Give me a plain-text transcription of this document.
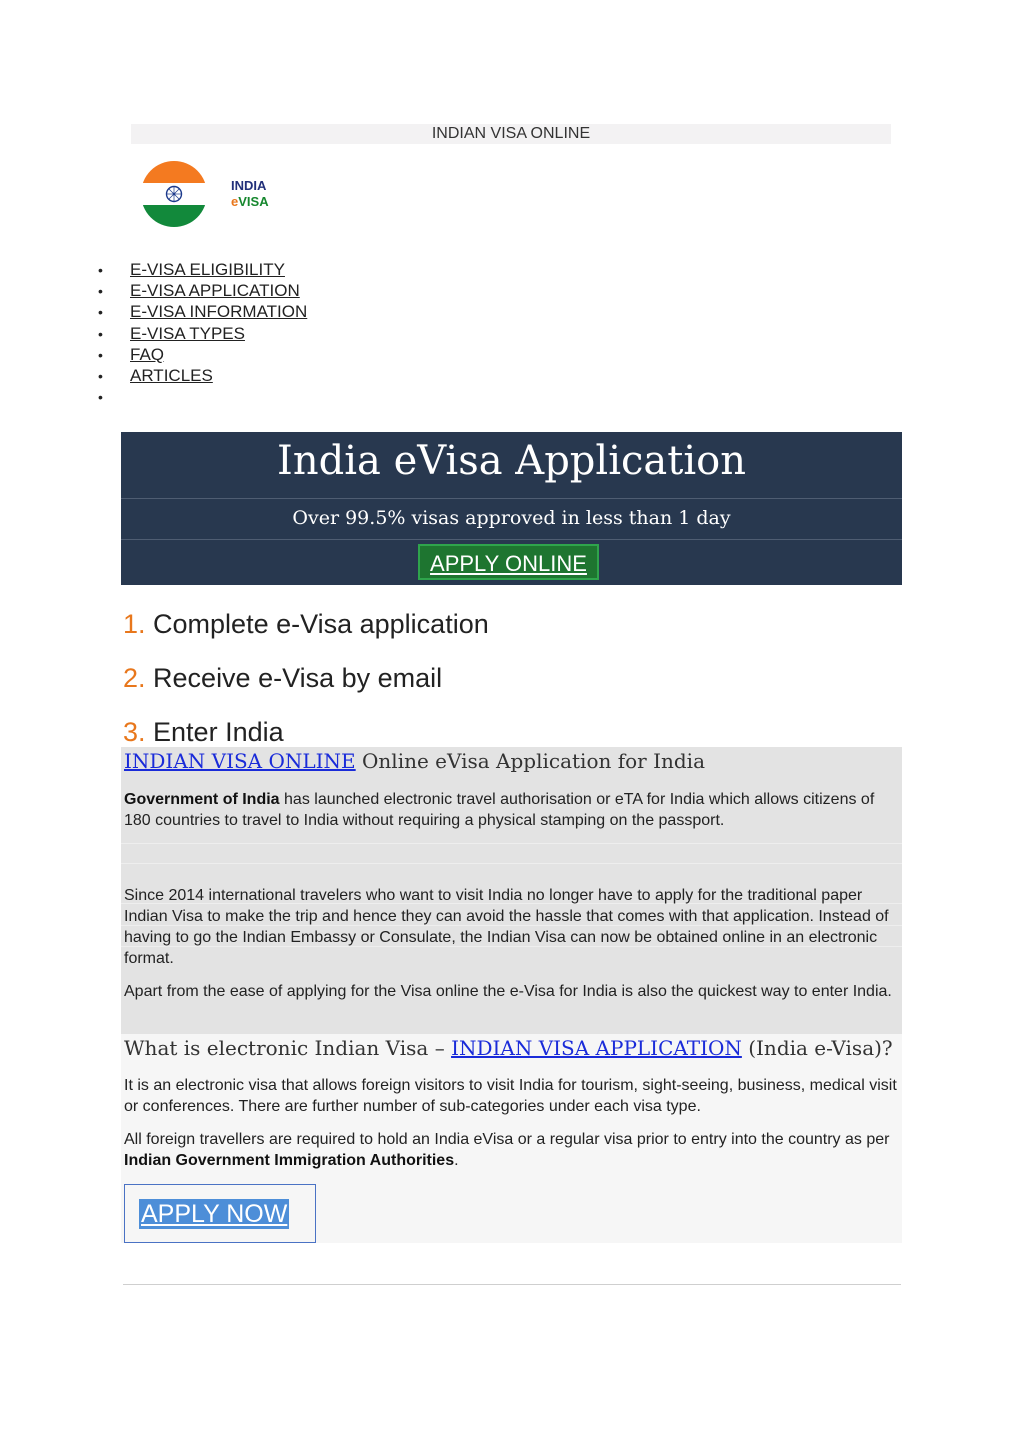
INDIAN VISA ONLINE
INDIA
eVISA
• E-VISA ELIGIBILITY
• E-VISA APPLICATION
• E-VISA INFORMATION
• E-VISA TYPES
• FAQ
• ARTICLES
•
India eVisa Application
Over 99.5% visas approved in less than 1 day
APPLY ONLINE
1. Complete e-Visa application
2. Receive e-Visa by email
3. Enter India
INDIAN VISA ONLINE Online eVisa Application for India
Government of India has launched electronic travel authorisation or eTA for India which allows citizens of 180 countries to travel to India without requiring a physical stamping on the passport.
Since 2014 international travelers who want to visit India no longer have to apply for the traditional paper Indian Visa to make the trip and hence they can avoid the hassle that comes with that application. Instead of having to go the Indian Embassy or Consulate, the Indian Visa can now be obtained online in an electronic format.
Apart from the ease of applying for the Visa online the e-Visa for India is also the quickest way to enter India.
What is electronic Indian Visa – INDIAN VISA APPLICATION (India e-Visa)?
It is an electronic visa that allows foreign visitors to visit India for tourism, sight-seeing, business, medical visit or conferences. There are further number of sub-categories under each visa type.
All foreign travellers are required to hold an India eVisa or a regular visa prior to entry into the country as per Indian Government Immigration Authorities.
APPLY NOW
